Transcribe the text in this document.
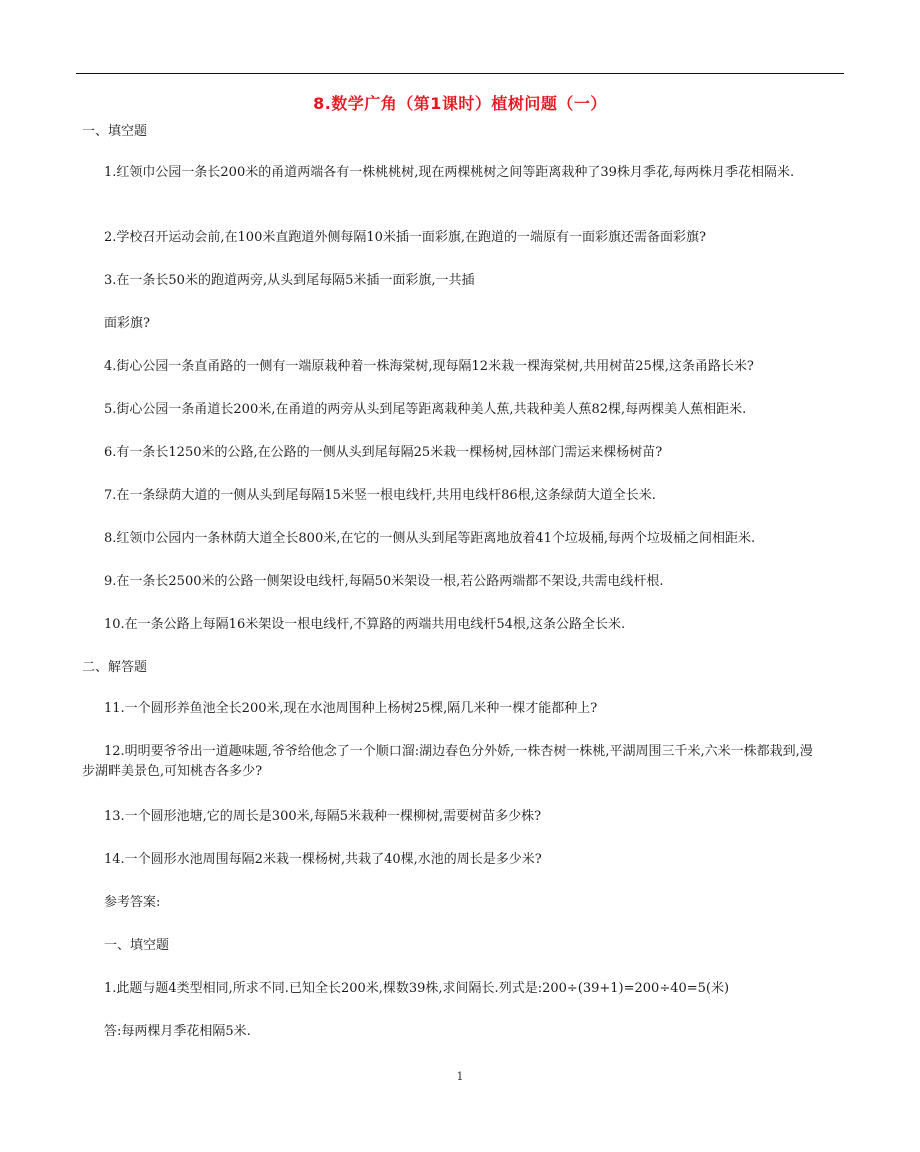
8.数学广角（第1课时）植树问题（一）
一、填空题
1.红领巾公园一条长200米的甬道两端各有一株桃桃树,现在两棵桃树之间等距离栽种了39株月季花,每两株月季花相隔米.
2.学校召开运动会前,在100米直跑道外侧每隔10米插一面彩旗,在跑道的一端原有一面彩旗还需备面彩旗?
3.在一条长50米的跑道两旁,从头到尾每隔5米插一面彩旗,一共插
面彩旗?
4.街心公园一条直甬路的一侧有一端原栽种着一株海棠树,现每隔12米栽一棵海棠树,共用树苗25棵,这条甬路长米?
5.街心公园一条甬道长200米,在甬道的两旁从头到尾等距离栽种美人蕉,共栽种美人蕉82棵,每两棵美人蕉相距米.
6.有一条长1250米的公路,在公路的一侧从头到尾每隔25米栽一棵杨树,园林部门需运来棵杨树苗?
7.在一条绿荫大道的一侧从头到尾每隔15米竖一根电线杆,共用电线杆86根,这条绿荫大道全长米.
8.红领巾公园内一条林荫大道全长800米,在它的一侧从头到尾等距离地放着41个垃圾桶,每两个垃圾桶之间相距米.
9.在一条长2500米的公路一侧架设电线杆,每隔50米架设一根,若公路两端都不架设,共需电线杆根.
10.在一条公路上每隔16米架设一根电线杆,不算路的两端共用电线杆54根,这条公路全长米.
二、解答题
11.一个圆形养鱼池全长200米,现在水池周围种上杨树25棵,隔几米种一棵才能都种上?
12.明明要爷爷出一道趣味题,爷爷给他念了一个顺口溜:湖边春色分外娇,一株杏树一株桃,平湖周围三千米,六米一株都栽到,漫步湖畔美景色,可知桃杏各多少?
13.一个圆形池塘,它的周长是300米,每隔5米栽种一棵柳树,需要树苗多少株?
14.一个圆形水池周围每隔2米栽一棵杨树,共栽了40棵,水池的周长是多少米?
参考答案:
一、填空题
1.此题与题4类型相同,所求不同.已知全长200米,棵数39株,求间隔长.列式是:200÷(39+1)=200÷40=5(米)
答:每两棵月季花相隔5米.
1
